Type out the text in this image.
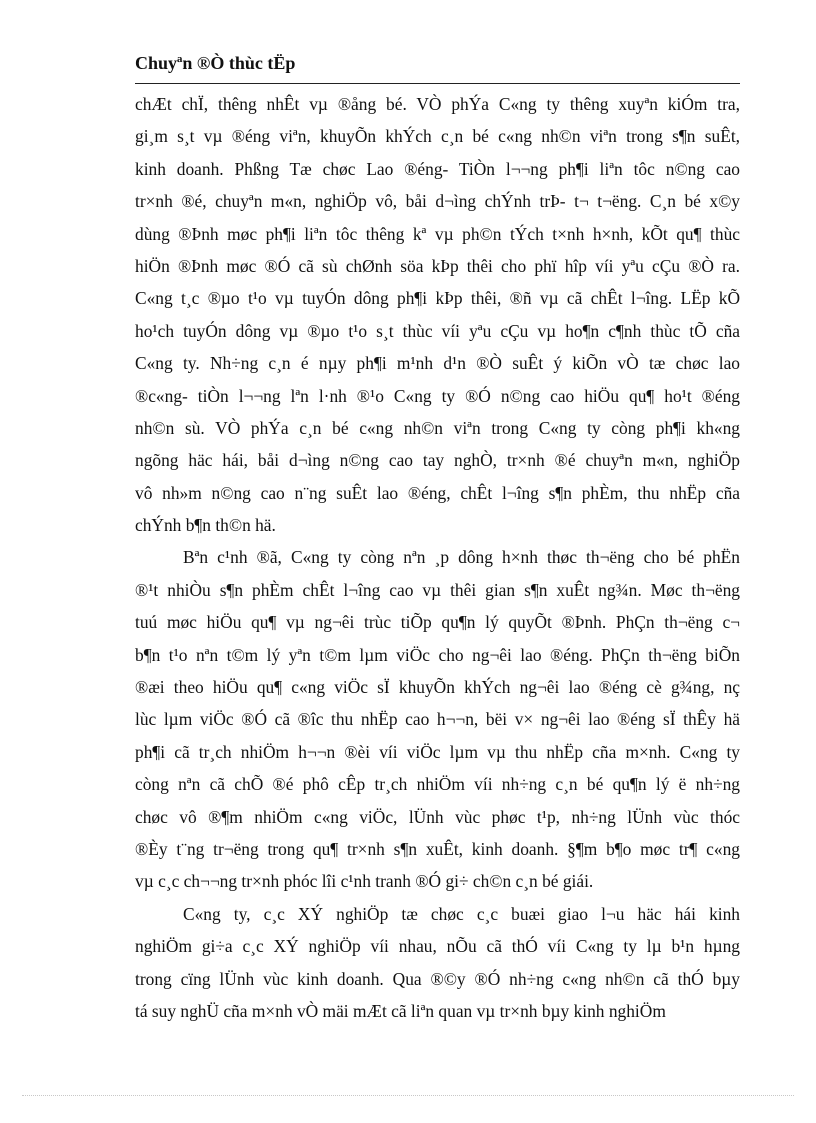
Chuyªn ®Ò thùc tËp
chÆt chÏ, thêng nhÊt vµ ®ång bé. VÒ phÝa C«ng ty thêng xuyªn kiÓm tra,
gi¸m s¸t vµ ®éng viªn, khuyÕn khÝch c¸n bé c«ng nh©n viªn trong s¶n suÊt,
kinh doanh. Phßng Tæ chøc Lao ®éng- TiÒn l¬¬ng ph¶i liªn tôc n©ng cao
tr×nh ®é, chuyªn m«n, nghiÖp vô, båi d¬ìng chÝnh trÞ- t¬ t¬ëng. C¸n bé x©y
dùng ®Þnh møc ph¶i liªn tôc thêng kª vµ ph©n tÝch t×nh h×nh, kÕt qu¶ thùc
hiÖn ®Þnh møc ®Ó cã sù chØnh söa kÞp thêi cho phï hîp víi yªu cÇu ®Ò ra.
C«ng t¸c ®µo t¹o vµ tuyÓn dông ph¶i kÞp thêi, ®ñ vµ cã chÊt l¬îng. LËp kÕ
ho¹ch tuyÓn dông vµ ®µo t¹o s¸t thùc víi yªu cÇu vµ ho¶n c¶nh thùc tÕ cña
C«ng ty. Nh÷ng c¸n é nµy ph¶i m¹nh d¹n ®Ò suÊt ý kiÕn vÒ tæ chøc lao
®c«ng- tiÒn l¬¬ng lªn l·nh ®¹o C«ng ty ®Ó n©ng cao hiÖu qu¶ ho¹t ®éng
nh©n sù. VÒ phÝa c¸n bé c«ng nh©n viªn trong C«ng ty còng ph¶i kh«ng
ngõng häc hái, båi d¬ìng n©ng cao tay nghÒ, tr×nh ®é chuyªn m«n, nghiÖp
vô nh»m n©ng cao n¨ng suÊt lao ®éng, chÊt l¬îng s¶n phÈm, thu nhËp cña
chÝnh b¶n th©n hä.
Bªn c¹nh ®ã, C«ng ty còng nªn ¸p dông h×nh thøc th¬ëng cho bé phËn
®¹t nhiÒu s¶n phÈm chÊt l¬îng cao vµ thêi gian s¶n xuÊt ng¾n. Møc th¬ëng
tuú møc hiÖu qu¶ vµ ng¬êi trùc tiÕp qu¶n lý quyÕt ®Þnh. PhÇn th¬ëng c¬
b¶n t¹o nªn t©m lý yªn t©m lµm viÖc cho ng¬êi lao ®éng. PhÇn th¬ëng biÕn
®æi theo hiÖu qu¶ c«ng viÖc sÏ khuyÕn khÝch ng¬êi lao ®éng cè g¾ng, nç
lùc lµm viÖc ®Ó cã ®îc thu nhËp cao h¬¬n, bëi v× ng¬êi lao ®éng sÏ thÊy hä
ph¶i cã tr¸ch nhiÖm h¬¬n ®èi víi viÖc lµm vµ thu nhËp cña m×nh. C«ng ty
còng nªn cã chÕ ®é phô cÊp tr¸ch nhiÖm víi nh÷ng c¸n bé qu¶n lý ë nh÷ng
chøc vô ®¶m nhiÖm c«ng viÖc, lÜnh vùc phøc t¹p, nh÷ng lÜnh vùc thóc
®Èy t¨ng tr¬ëng trong qu¶ tr×nh s¶n xuÊt, kinh doanh. §¶m b¶o møc tr¶ c«ng
vµ c¸c ch¬¬ng tr×nh phóc lîi c¹nh tranh ®Ó gi÷ ch©n c¸n bé giái.
C«ng ty, c¸c XÝ nghiÖp tæ chøc c¸c buæi giao l¬u häc hái kinh
nghiÖm gi÷a c¸c XÝ nghiÖp víi nhau, nÕu cã thÓ víi C«ng ty lµ b¹n hµng
trong cïng lÜnh vùc kinh doanh. Qua ®©y ®Ó nh÷ng c«ng nh©n cã thÓ bµy
tá suy nghÜ cña m×nh vÒ mäi mÆt cã liªn quan vµ tr×nh bµy kinh nghiÖm
